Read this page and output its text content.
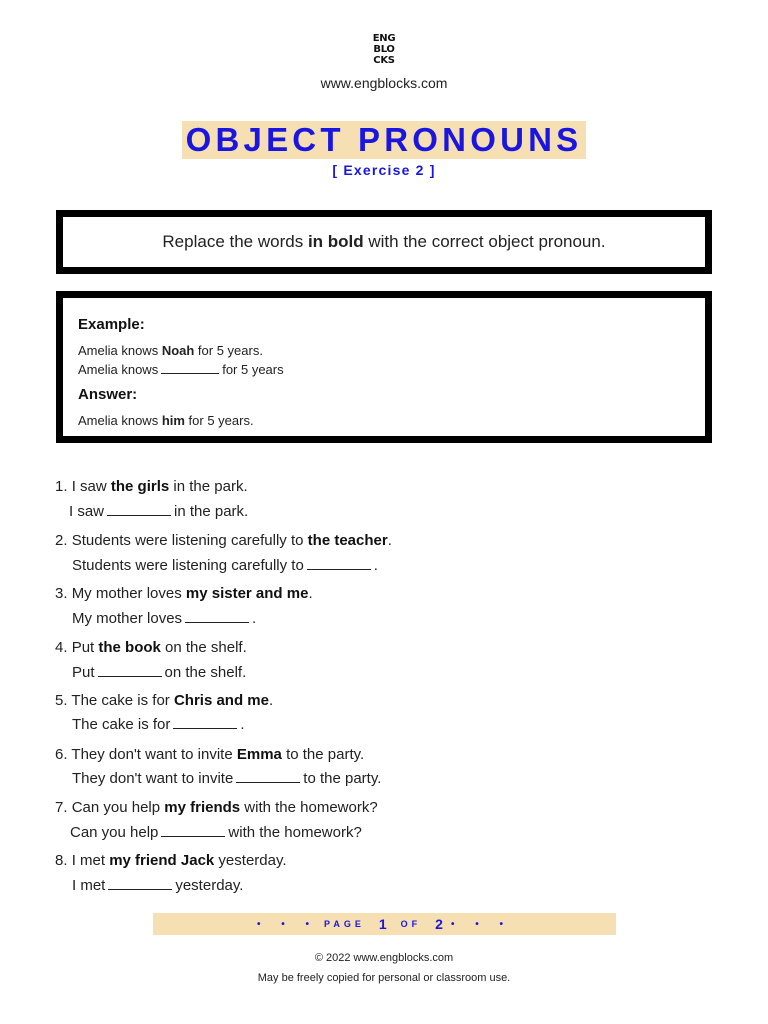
ENG
BLO
CKS
www.engblocks.com
OBJECT PRONOUNS
[ Exercise 2 ]
Replace the words in bold with the correct object pronoun.
Example:
Amelia knows Noah for 5 years.
Amelia knows	for 5 years
Answer:
Amelia knows him for 5 years.
1. I saw the girls in the park.
I saw	in the park.
2. Students were listening carefully to the teacher.
Students were listening carefully to	.
3. My mother loves my sister and me.
My mother loves	.
4. Put the book on the shelf.
Put	on the shelf.
5. The cake is for Chris and me.
The cake is for	.
6. They don't want to invite Emma to the party.
They don't want to invite	to the party.
7. Can you help my friends with the homework?
Can you help	with the homework?
8. I met my friend Jack yesterday.
I met	yesterday.
• • • PAGE 1 OF 2 • • •
© 2022 www.engblocks.com
May be freely copied for personal or classroom use.
